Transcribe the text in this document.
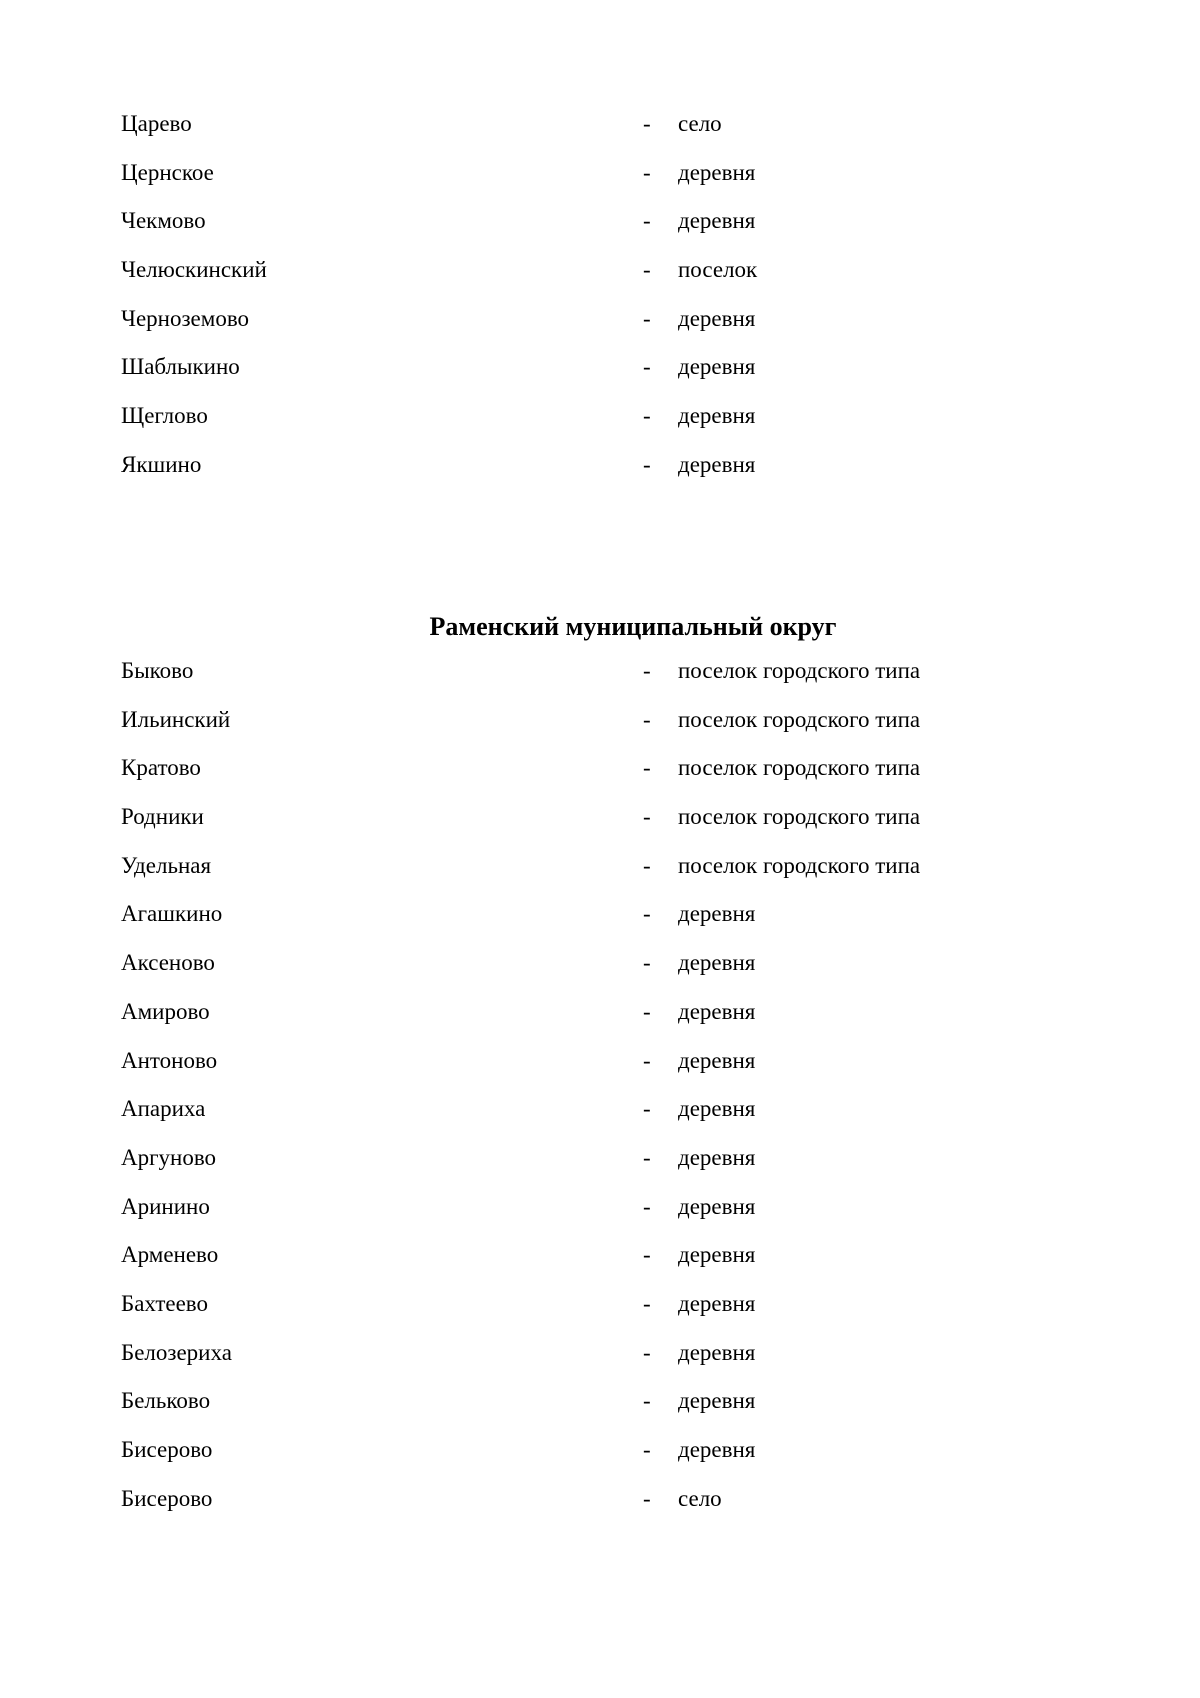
Царево	- село
Цернское	- деревня
Чекмово	- деревня
Челюскинский	- поселок
Черноземово	- деревня
Шаблыкино	- деревня
Щеглово	- деревня
Якшино	- деревня
Раменский муниципальный округ
Быково	- поселок городского типа
Ильинский	- поселок городского типа
Кратово	- поселок городского типа
Родники	- поселок городского типа
Удельная	- поселок городского типа
Агашкино	- деревня
Аксеново	- деревня
Амирово	- деревня
Антоново	- деревня
Апариха	- деревня
Аргуново	- деревня
Аринино	- деревня
Арменево	- деревня
Бахтеево	- деревня
Белозериха	- деревня
Бельково	- деревня
Бисерово	- деревня
Бисерово	- село
